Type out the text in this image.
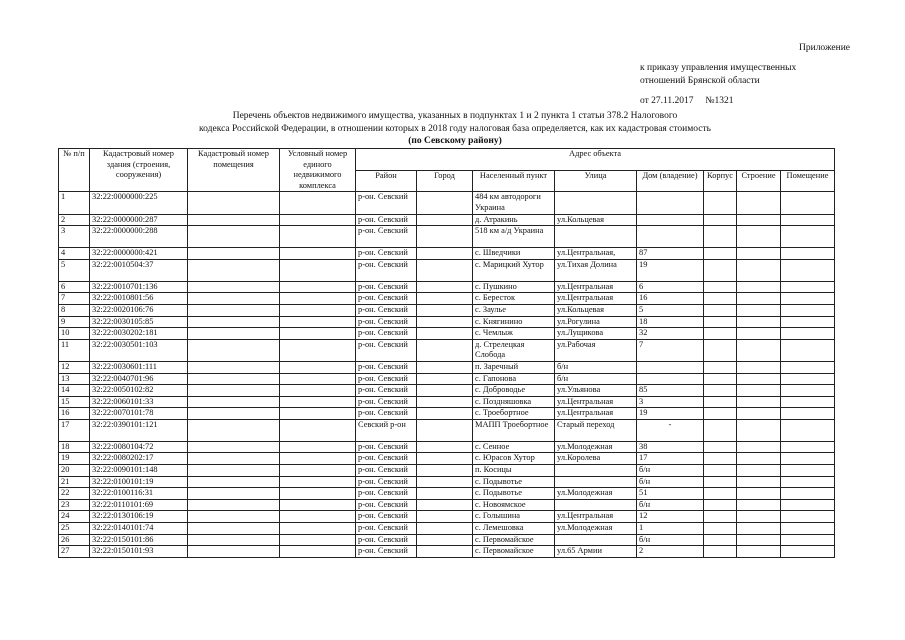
Приложение
к приказу управления имущественных
отношений Брянской области
от 27.11.2017     №1321
Перечень объектов недвижимого имущества, указанных в подпунктах 1 и 2 пункта 1 статьи 378.2 Налогового
кодекса Российской Федерации, в отношении которых в 2018 году налоговая база определяется, как их кадастровая стоимость
(по Севскому району)
№ п/п	Кадастровый номер здания (строения, сооружения)	Кадастровый номер помещения	Условный номер единого недвижимого комплекса	Адрес объекта							
				Район	Город	Населенный пункт	Улица	Дом (владение)	Корпус	Строение	Помещение
1	32:22:0000000:225			р-он. Севский		484 км автодороги Украина					
2	32:22:0000000:287			р-он. Севский		д. Атракинь	ул.Кольцевая				
3	32:22:0000000:288			р-он. Севский		518 км а/д Украина					
4	32:22:0000000:421			р-он. Севский		с. Шведчики	ул.Центральная,	87			
5	32:22:0010504:37			р-он. Севский		с. Марицкий Хутор	ул.Тихая Долина	19			
6	32:22:0010701:136			р-он. Севский		с. Пушкино	ул.Центральная	6			
7	32:22:0010801:56			р-он. Севский		с. Бересток	ул.Центральная	16			
8	32:22:0020106:76			р-он. Севский		с. Заулье	ул.Кольцевая	5			
9	32:22:0030105:85			р-он. Севский		с. Княгинино	ул.Рогулина	18			
10	32:22:0030202:181			р-он. Севский		с. Чемлыж	ул.Лущикова	32			
11	32:22:0030501:103			р-он. Севский		д. Стрелецкая Слобода	ул.Рабочая	7			
12	32:22:0030601:111			р-он. Севский		п. Заречный	б/н				
13	32:22:0040701:96			р-он. Севский		с. Гапонова	б/н				
14	32:22:0050102:82			р-он. Севский		с. Доброводье	ул.Ульянова	85			
15	32:22:0060101:33			р-он. Севский		с. Поздняшовка	ул.Центральная	3			
16	32:22:0070101:78			р-он. Севский		с. Троебортное	ул.Центральная	19			
17	32:22:0390101:121			Севский р-он		МАПП Троебортное	Старый переход	-			
18	32:22:0080104:72			р-он. Севский		с. Сенное	ул.Молодежная	38			
19	32:22:0080202:17			р-он. Севский		с. Юрасов Хутор	ул.Королева	17			
20	32:22:0090101:148			р-он. Севский		п. Косицы		б/н			
21	32:22:0100101:19			р-он. Севский		с. Подывотье		б/н			
22	32:22:0100116:31			р-он. Севский		с. Подывотье	ул.Молодежная	51			
23	32:22:0110101:69			р-он. Севский		с. Новоямское		б/н			
24	32:22:0130106:19			р-он. Севский		с. Голышина	ул.Центральная	12			
25	32:22:0140101:74			р-он. Севский		с. Лемешовка	ул.Молодежная	1			
26	32:22:0150101:86			р-он. Севский		с. Первомайское		б/н			
27	32:22:0150101:93			р-он. Севский		с. Первомайское	ул.65 Армии	2			
